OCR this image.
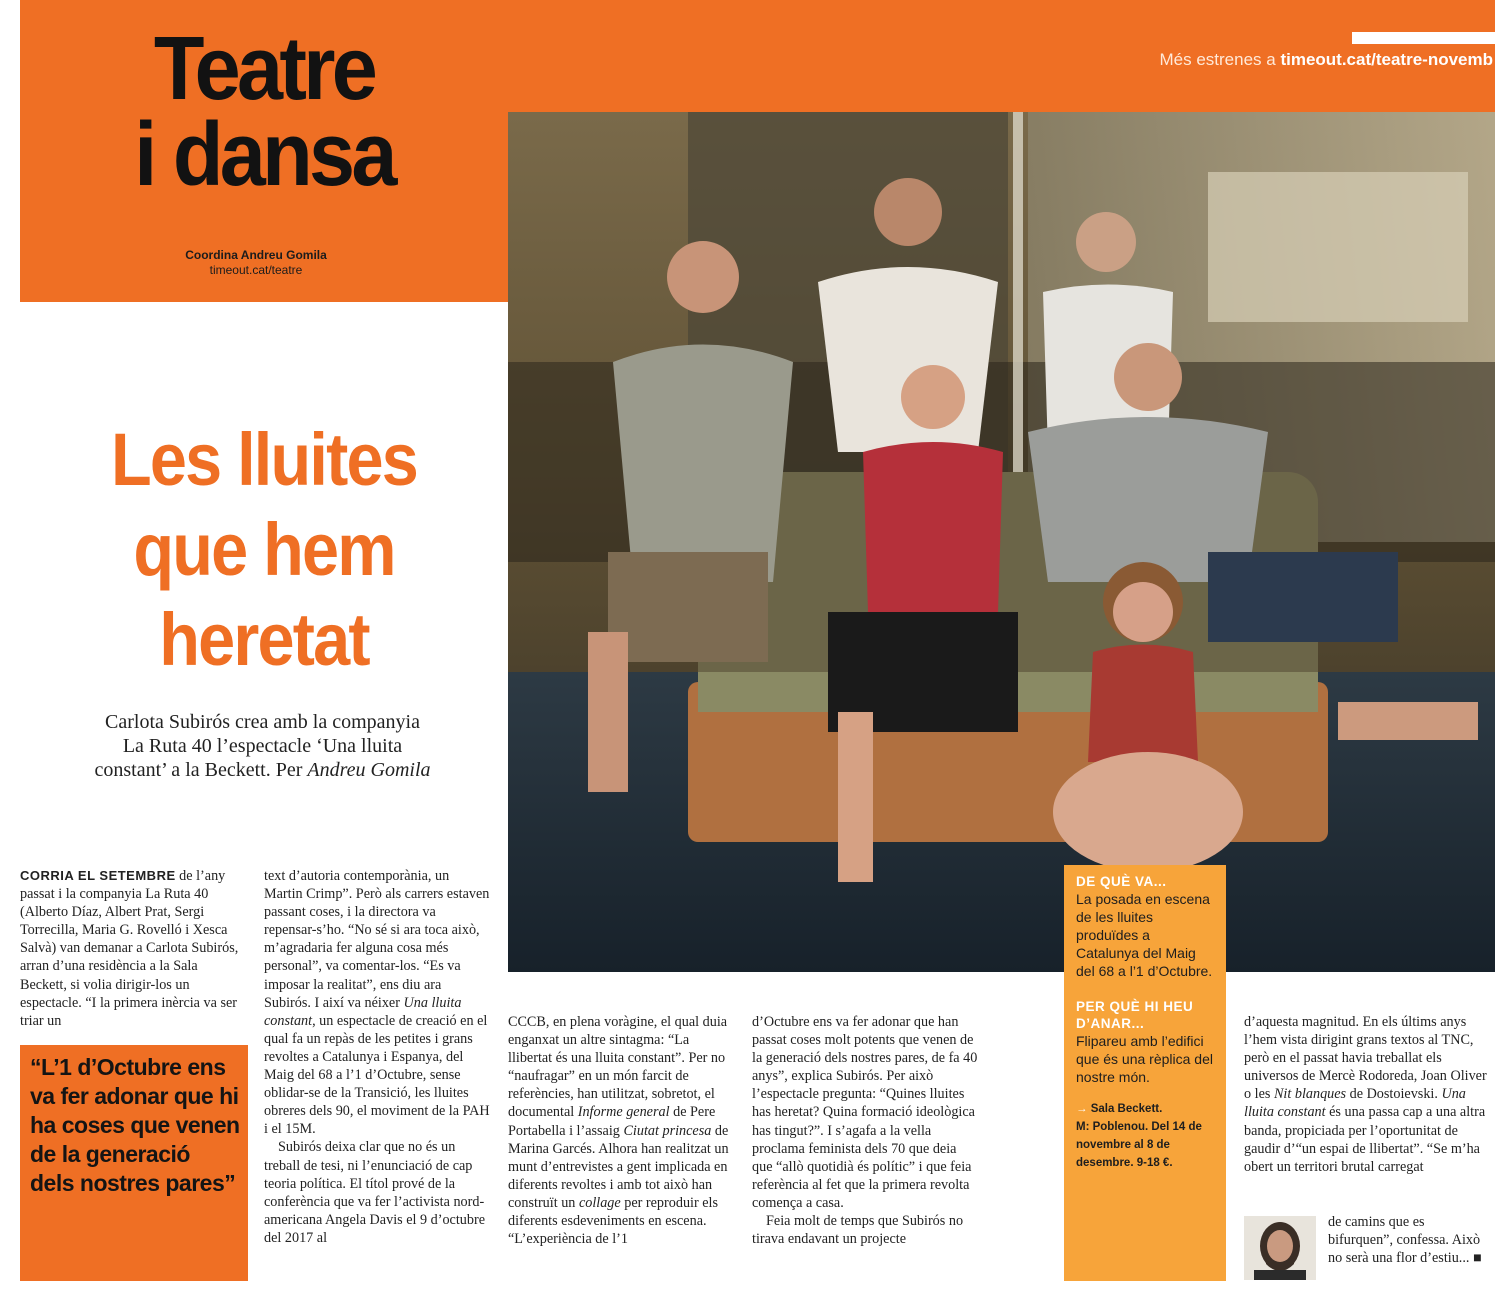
Teatre
i dansa
Coordina Andreu Gomila
timeout.cat/teatre
Més estrenes a timeout.cat/teatre-novemb
Les lluites
que hem
heretat
Carlota Subirós crea amb la companyia
La Ruta 40 l’espectacle ‘Una lluita
constant’ a la Beckett. Per Andreu Gomila

CORRIA EL SETEMBRE de l’any passat i la companyia La Ruta 40 (Alberto Díaz, Albert Prat, Sergi Torrecilla, Maria G. Rovelló i Xesca Salvà) van demanar a Carlota Subirós, arran d’una residència a la Sala Beckett, si volia dirigir-los un espectacle. “I la primera inèrcia va ser triar un

“L’1 d’Octubre ens
va fer adonar que hi
ha coses que venen
de la generació
dels nostres pares”

text d’autoria contemporània, un Martin Crimp”. Però als carrers estaven passant coses, i la directora va repensar-s’ho. “No sé si ara toca això, m’agradaria fer alguna cosa més personal”, va comentar-los. “Es va imposar la realitat”, ens diu ara Subirós. I així va néixer Una lluita constant, un espectacle de creació en el qual fa un repàs de les petites i grans revoltes a Catalunya i Espanya, del Maig del 68 a l’1 d’Octubre, sense oblidar-se de la Transició, les lluites obreres dels 90, el moviment de la PAH i el 15M.

Subirós deixa clar que no és un treball de tesi, ni l’enunciació de cap teoria política. El títol prové de la conferència que va fer l’activista nord-americana Angela Davis el 9 d’octubre del 2017 al

CCCB, en plena voràgine, el qual duia enganxat un altre sintagma: “La llibertat és una lluita constant”. Per no “naufragar” en un món farcit de referències, han utilitzat, sobretot, el documental Informe general de Pere Portabella i l’assaig Ciutat princesa de Marina Garcés. Alhora han realitzat un munt d’entrevistes a gent implicada en diferents revoltes i amb tot això han construït un collage per reproduir els diferents esdeveniments en escena. “L’experiència de l’1

d’Octubre ens va fer adonar que han passat coses molt potents que venen de la generació dels nostres pares, de fa 40 anys”, explica Subirós. Per això l’espectacle pregunta: “Quines lluites has heretat? Quina formació ideològica has tingut?”. I s’agafa a la vella proclama feminista dels 70 que deia que “allò quotidià és polític” i que feia referència al fet que la primera revolta comença a casa.

Feia molt de temps que Subirós no tirava endavant un projecte

DE QUÈ VA...
La posada en escena de les lluites produïdes a Catalunya del Maig del 68 a l’1 d’Octubre.
PER QUÈ HI HEU D’ANAR...
Flipareu amb l’edifici que és una rèplica del nostre món.
→ Sala Beckett.
M: Poblenou. Del 14 de novembre al 8 de desembre. 9-18 €.

d’aquesta magnitud. En els últims anys l’hem vista dirigint grans textos al TNC, però en el passat havia treballat els universos de Mercè Rodoreda, Joan Oliver o les Nit blanques de Dostoievski. Una lluita constant és una passa cap a una altra banda, propiciada per l’oportunitat de gaudir d’“un espai de llibertat”. “Se m’ha obert un territori brutal carregat

de camins que es bifurquen”, confessa. Això no serà una flor d’estiu... ■
